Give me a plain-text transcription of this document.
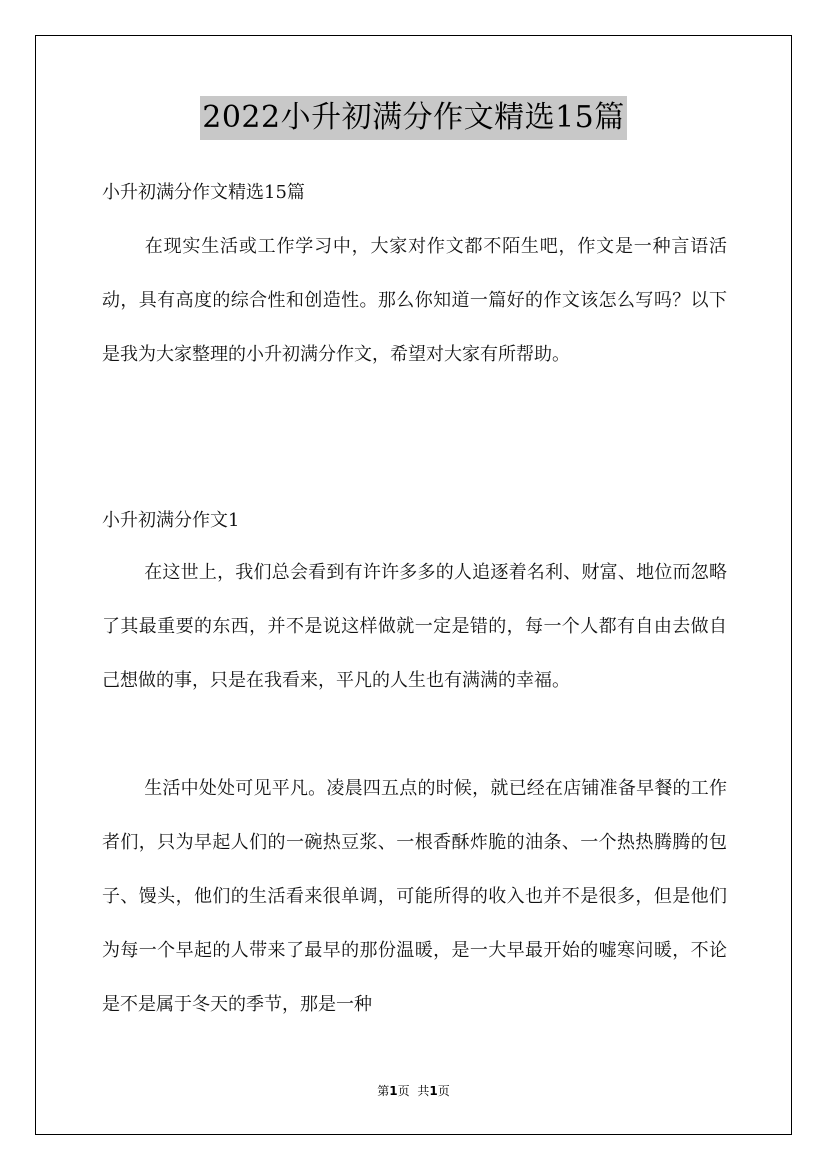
2022小升初满分作文精选15篇
小升初满分作文精选15篇
在现实生活或工作学习中，大家对作文都不陌生吧，作文是一种言语活动，具有高度的综合性和创造性。那么你知道一篇好的作文该怎么写吗？以下是我为大家整理的小升初满分作文，希望对大家有所帮助。
小升初满分作文1
在这世上，我们总会看到有许许多多的人追逐着名利、财富、地位而忽略了其最重要的东西，并不是说这样做就一定是错的，每一个人都有自由去做自己想做的事，只是在我看来，平凡的人生也有满满的幸福。
生活中处处可见平凡。凌晨四五点的时候，就已经在店铺准备早餐的工作者们，只为早起人们的一碗热豆浆、一根香酥炸脆的油条、一个热热腾腾的包子、馒头，他们的生活看来很单调，可能所得的收入也并不是很多，但是他们为每一个早起的人带来了最早的那份温暖，是一大早最开始的嘘寒问暖，不论是不是属于冬天的季节，那是一种
第1页 共1页
